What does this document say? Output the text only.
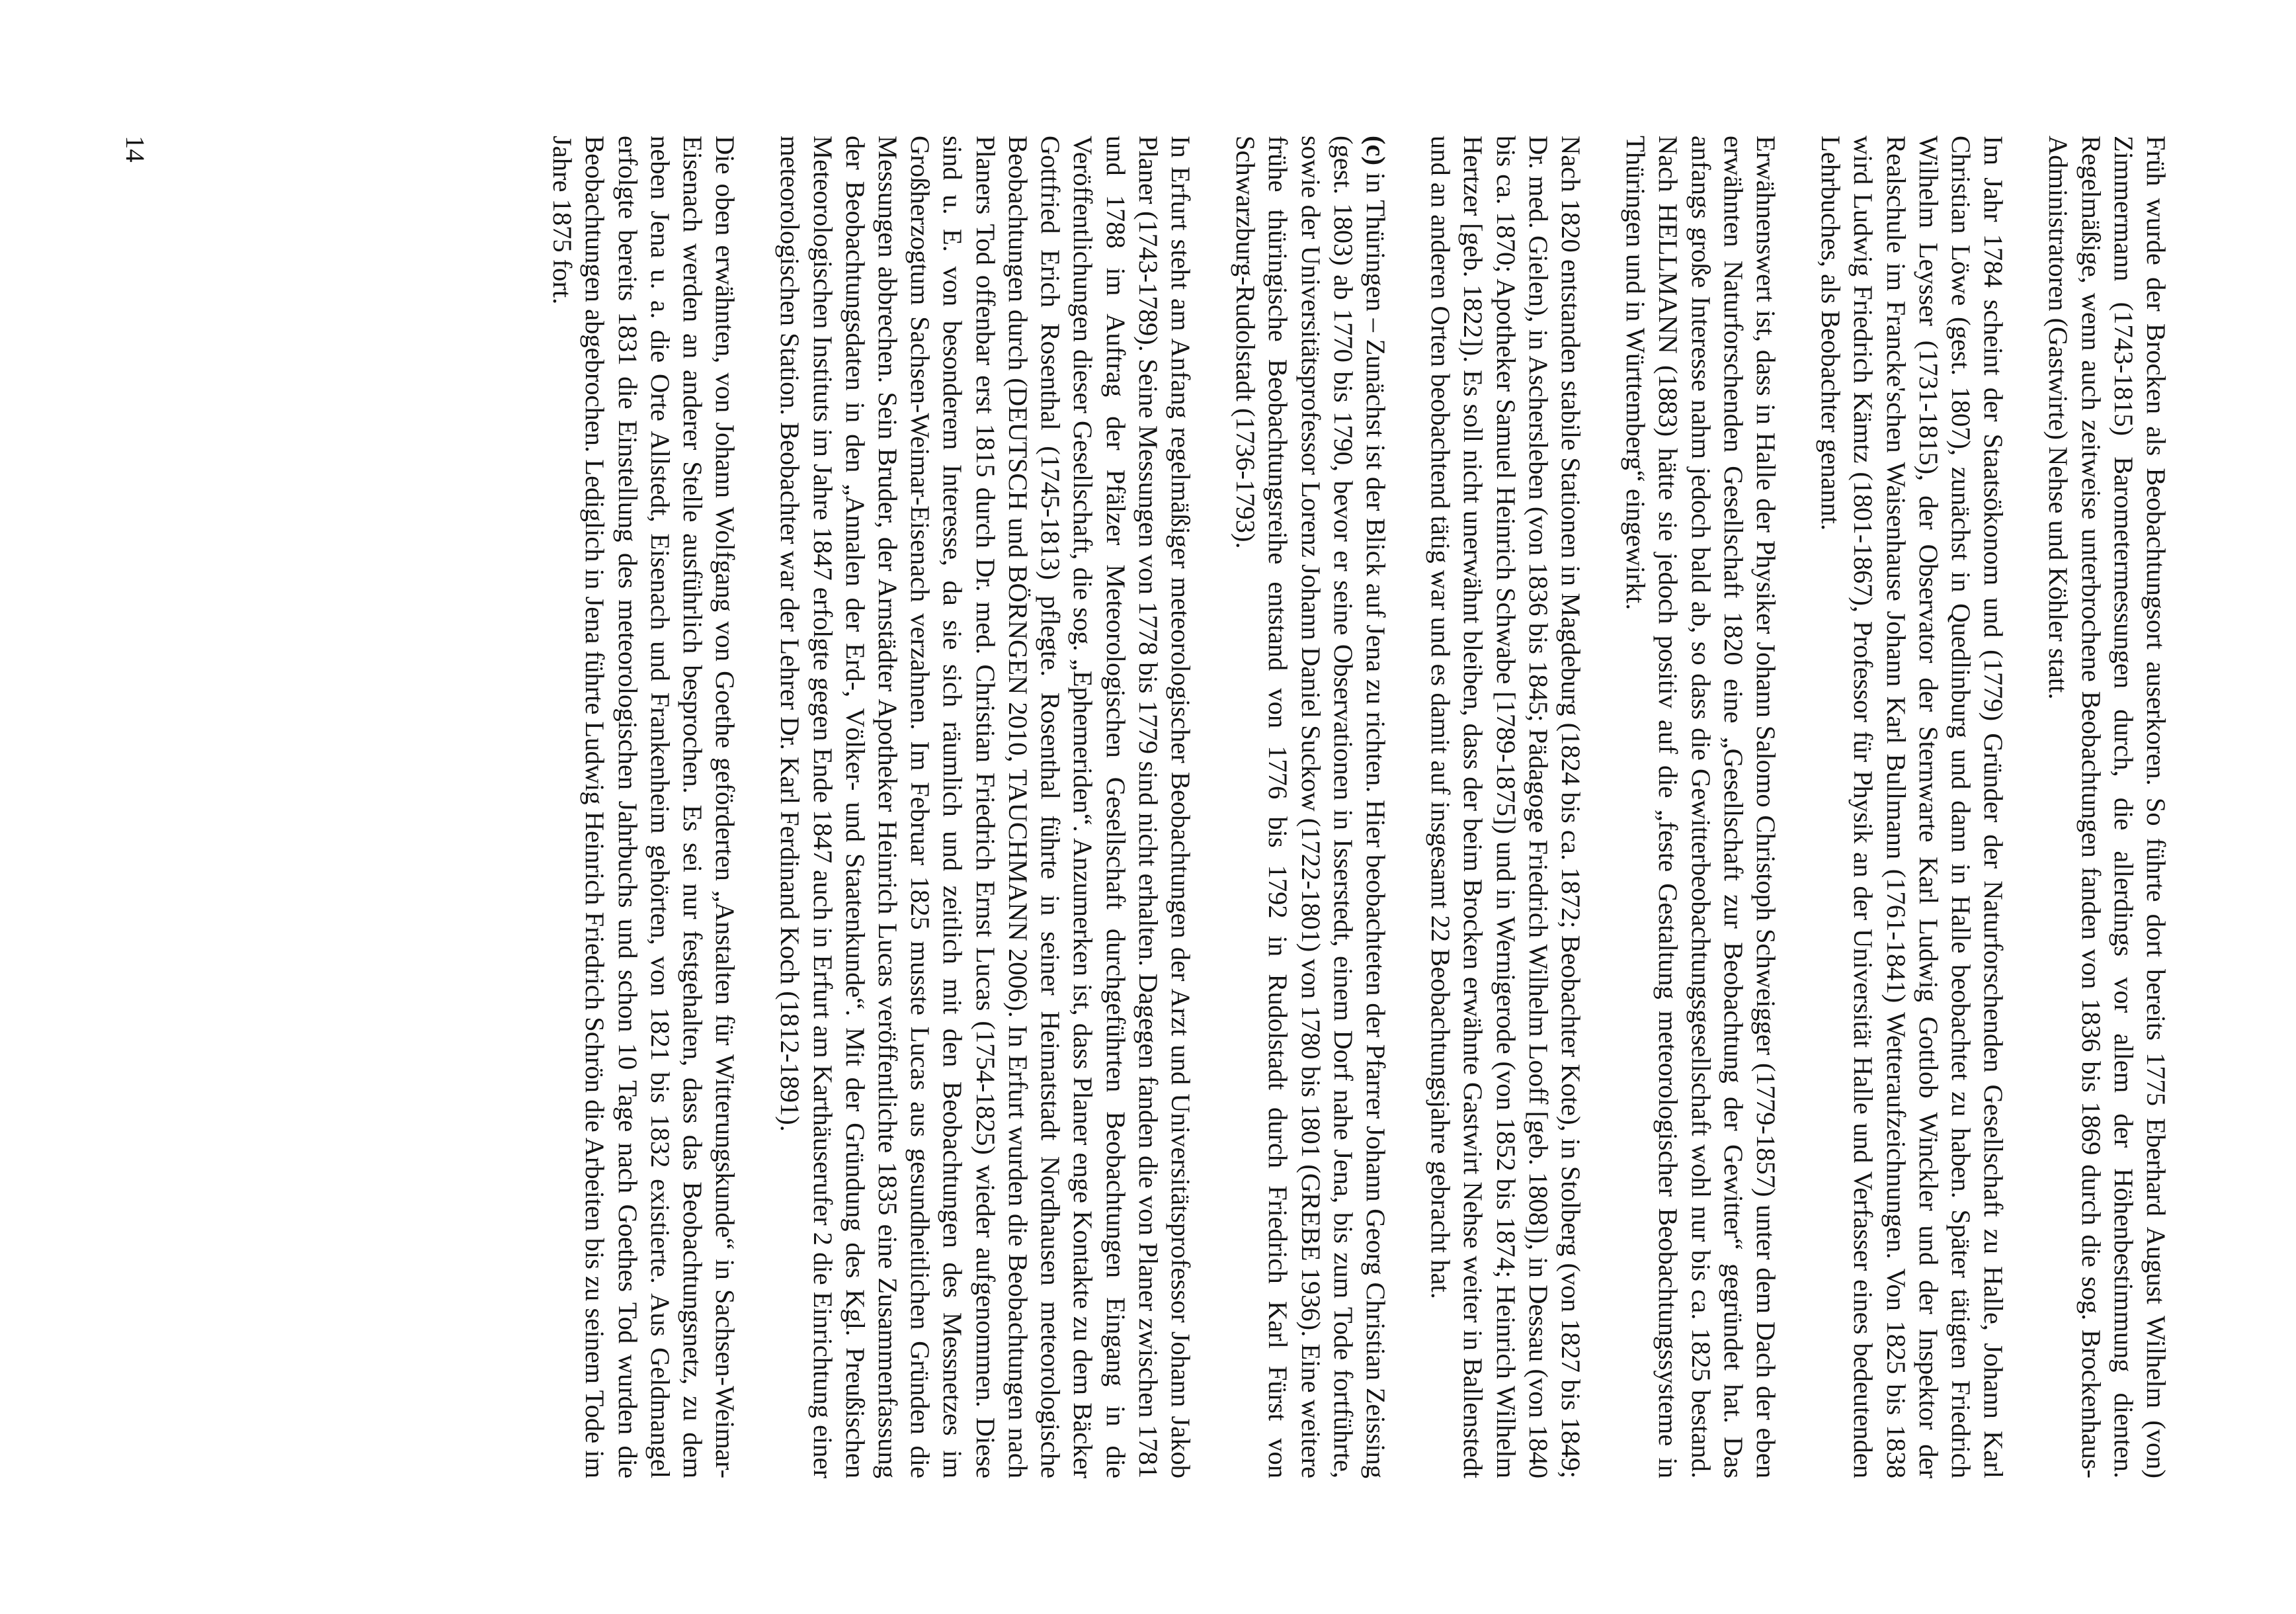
Früh wurde der Brocken als Beobachtungsort auserkoren. So führte dort bereits 1775 Eberhard August Wilhelm (von) Zimmermann (1743-1815) Barometermessungen durch, die allerdings vor allem der Höhenbestimmung dienten. Regelmäßige, wenn auch zeitweise unterbrochene Beobachtungen fanden von 1836 bis 1869 durch die sog. Brockenhaus-Administratoren (Gastwirte) Nehse und Köhler statt.

Im Jahr 1784 scheint der Staatsökonom und (1779) Gründer der Naturforschenden Gesellschaft zu Halle, Johann Karl Christian Löwe (gest. 1807), zunächst in Quedlinburg und dann in Halle beobachtet zu haben. Später tätigten Friedrich Wilhelm Leysser (1731-1815), der Observator der Sternwarte Karl Ludwig Gottlob Winckler und der Inspektor der Realschule im Francke'schen Waisenhause Johann Karl Bullmann (1761-1841) Wetteraufzeichnungen. Von 1825 bis 1838 wird Ludwig Friedrich Kämtz (1801-1867), Professor für Physik an der Universität Halle und Verfasser eines bedeutenden Lehrbuches, als Beobachter genannt.

Erwähnenswert ist, dass in Halle der Physiker Johann Salomo Christoph Schweigger (1779-1857) unter dem Dach der eben erwähnten Naturforschenden Gesellschaft 1820 eine „Gesellschaft zur Beobachtung der Gewitter“ gegründet hat. Das anfangs große Interesse nahm jedoch bald ab, so dass die Gewitterbeobachtungsgesellschaft wohl nur bis ca. 1825 bestand. Nach HELLMANN (1883) hätte sie jedoch positiv auf die „feste Gestaltung meteorologischer Beobachtungssysteme in Thüringen und in Württemberg“ eingewirkt.

Nach 1820 entstanden stabile Stationen in Magdeburg (1824 bis ca. 1872; Beobachter Kote), in Stolberg (von 1827 bis 1849; Dr. med. Gielen), in Aschersleben (von 1836 bis 1845; Pädagoge Friedrich Wilhelm Looff [geb. 1808]), in Dessau (von 1840 bis ca. 1870; Apotheker Samuel Heinrich Schwabe [1789-1875]) und in Wernigerode (von 1852 bis 1874; Heinrich Wilhelm Hertzer [geb. 1822]). Es soll nicht unerwähnt bleiben, dass der beim Brocken erwähnte Gastwirt Nehse weiter in Ballenstedt und an anderen Orten beobachtend tätig war und es damit auf insgesamt 22 Beobachtungsjahre gebracht hat.

(c) in Thüringen – Zunächst ist der Blick auf Jena zu richten. Hier beobachteten der Pfarrer Johann Georg Christian Zeissing (gest. 1803) ab 1770 bis 1790, bevor er seine Observationen in Isserstedt, einem Dorf nahe Jena, bis zum Tode fortführte, sowie der Universitätsprofessor Lorenz Johann Daniel Suckow (1722-1801) von 1780 bis 1801 (GREBE 1936). Eine weitere frühe thüringische Beobachtungsreihe entstand von 1776 bis 1792 in Rudolstadt durch Friedrich Karl Fürst von Schwarzburg-Rudolstadt (1736-1793).

In Erfurt steht am Anfang regelmäßiger meteorologischer Beobachtungen der Arzt und Universitätsprofessor Johann Jakob Planer (1743-1789). Seine Messungen von 1778 bis 1779 sind nicht erhalten. Dagegen fanden die von Planer zwischen 1781 und 1788 im Auftrag der Pfälzer Meteorologischen Gesellschaft durchgeführten Beobachtungen Eingang in die Veröffentlichungen dieser Gesellschaft, die sog. „Ephemeriden“. Anzumerken ist, dass Planer enge Kontakte zu dem Bäcker Gottfried Erich Rosenthal (1745-1813) pflegte. Rosenthal führte in seiner Heimatstadt Nordhausen meteorologische Beobachtungen durch (DEUTSCH und BÖRNGEN 2010, TAUCHMANN 2006). In Erfurt wurden die Beobachtungen nach Planers Tod offenbar erst 1815 durch Dr. med. Christian Friedrich Ernst Lucas (1754-1825) wieder aufgenommen. Diese sind u. E. von besonderem Interesse, da sie sich räumlich und zeitlich mit den Beobachtungen des Messnetzes im Großherzogtum Sachsen-Weimar-Eisenach verzahnen. Im Februar 1825 musste Lucas aus gesundheitlichen Gründen die Messungen abbrechen. Sein Bruder, der Arnstädter Apotheker Heinrich Lucas veröffentlichte 1835 eine Zusammenfassung der Beobachtungsdaten in den „Annalen der Erd-, Völker- und Staatenkunde“. Mit der Gründung des Kgl. Preußischen Meteorologischen Instituts im Jahre 1847 erfolgte gegen Ende 1847 auch in Erfurt am Karthäuserufer 2 die Einrichtung einer meteorologischen Station. Beobachter war der Lehrer Dr. Karl Ferdinand Koch (1812-1891).

Die oben erwähnten, von Johann Wolfgang von Goethe geförderten „Anstalten für Witterungskunde“ in Sachsen-Weimar-Eisenach werden an anderer Stelle ausführlich besprochen. Es sei nur festgehalten, dass das Beobachtungsnetz, zu dem neben Jena u. a. die Orte Allstedt, Eisenach und Frankenheim gehörten, von 1821 bis 1832 existierte. Aus Geldmangel erfolgte bereits 1831 die Einstellung des meteorologischen Jahrbuchs und schon 10 Tage nach Goethes Tod wurden die Beobachtungen abgebrochen. Lediglich in Jena führte Ludwig Heinrich Friedrich Schrön die Arbeiten bis zu seinem Tode im Jahre 1875 fort.

14
